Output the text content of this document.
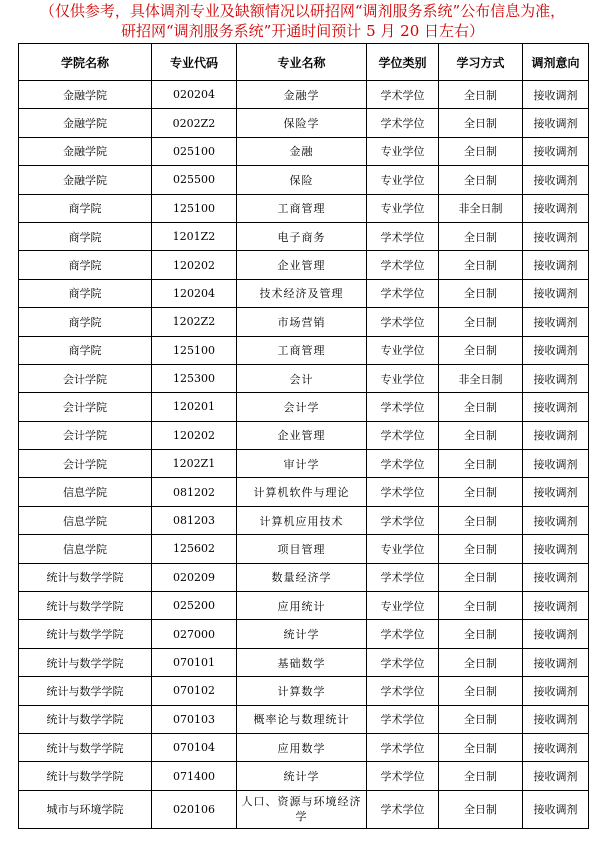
（仅供参考，具体调剂专业及缺额情况以研招网“调剂服务系统”公布信息为准，
研招网“调剂服务系统”开通时间预计 5 月 20 日左右）
学院名称	专业代码	专业名称	学位类别	学习方式	调剂意向
金融学院	020204	金融学	学术学位	全日制	接收调剂
金融学院	0202Z2	保险学	学术学位	全日制	接收调剂
金融学院	025100	金融	专业学位	全日制	接收调剂
金融学院	025500	保险	专业学位	全日制	接收调剂
商学院	125100	工商管理	专业学位	非全日制	接收调剂
商学院	1201Z2	电子商务	学术学位	全日制	接收调剂
商学院	120202	企业管理	学术学位	全日制	接收调剂
商学院	120204	技术经济及管理	学术学位	全日制	接收调剂
商学院	1202Z2	市场营销	学术学位	全日制	接收调剂
商学院	125100	工商管理	专业学位	全日制	接收调剂
会计学院	125300	会计	专业学位	非全日制	接收调剂
会计学院	120201	会计学	学术学位	全日制	接收调剂
会计学院	120202	企业管理	学术学位	全日制	接收调剂
会计学院	1202Z1	审计学	学术学位	全日制	接收调剂
信息学院	081202	计算机软件与理论	学术学位	全日制	接收调剂
信息学院	081203	计算机应用技术	学术学位	全日制	接收调剂
信息学院	125602	项目管理	专业学位	全日制	接收调剂
统计与数学学院	020209	数量经济学	学术学位	全日制	接收调剂
统计与数学学院	025200	应用统计	专业学位	全日制	接收调剂
统计与数学学院	027000	统计学	学术学位	全日制	接收调剂
统计与数学学院	070101	基础数学	学术学位	全日制	接收调剂
统计与数学学院	070102	计算数学	学术学位	全日制	接收调剂
统计与数学学院	070103	概率论与数理统计	学术学位	全日制	接收调剂
统计与数学学院	070104	应用数学	学术学位	全日制	接收调剂
统计与数学学院	071400	统计学	学术学位	全日制	接收调剂
城市与环境学院	020106	人口、资源与环境经济学	学术学位	全日制	接收调剂
